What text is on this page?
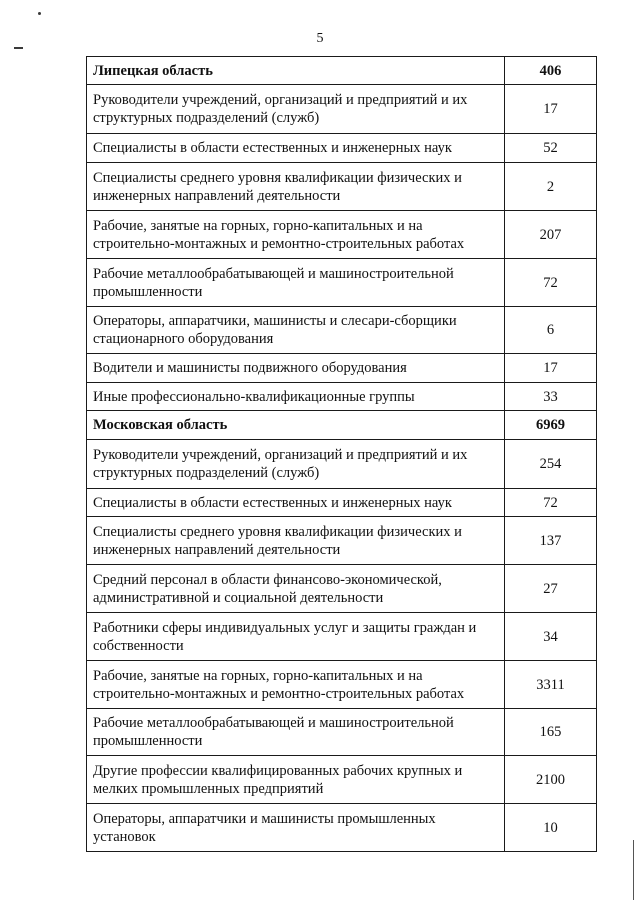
5
Липецкая область	406
Руководители учреждений, организаций и предприятий и их структурных подразделений (служб)	17
Специалисты в области естественных и инженерных наук	52
Специалисты среднего уровня квалификации физических и инженерных направлений деятельности	2
Рабочие, занятые на горных, горно-капитальных и на строительно-монтажных и ремонтно-строительных работах	207
Рабочие металлообрабатывающей и машиностроительной промышленности	72
Операторы, аппаратчики, машинисты и слесари-сборщики стационарного оборудования	6
Водители и машинисты подвижного оборудования	17
Иные профессионально-квалификационные группы	33
Московская область	6969
Руководители учреждений, организаций и предприятий и их структурных подразделений (служб)	254
Специалисты в области естественных и инженерных наук	72
Специалисты среднего уровня квалификации физических и инженерных направлений деятельности	137
Средний персонал в области финансово-экономической, административной и социальной деятельности	27
Работники сферы индивидуальных услуг и защиты граждан и собственности	34
Рабочие, занятые на горных, горно-капитальных и на строительно-монтажных и ремонтно-строительных работах	3311
Рабочие металлообрабатывающей и машиностроительной промышленности	165
Другие профессии квалифицированных рабочих крупных и мелких промышленных предприятий	2100
Операторы, аппаратчики и машинисты промышленных установок	10
